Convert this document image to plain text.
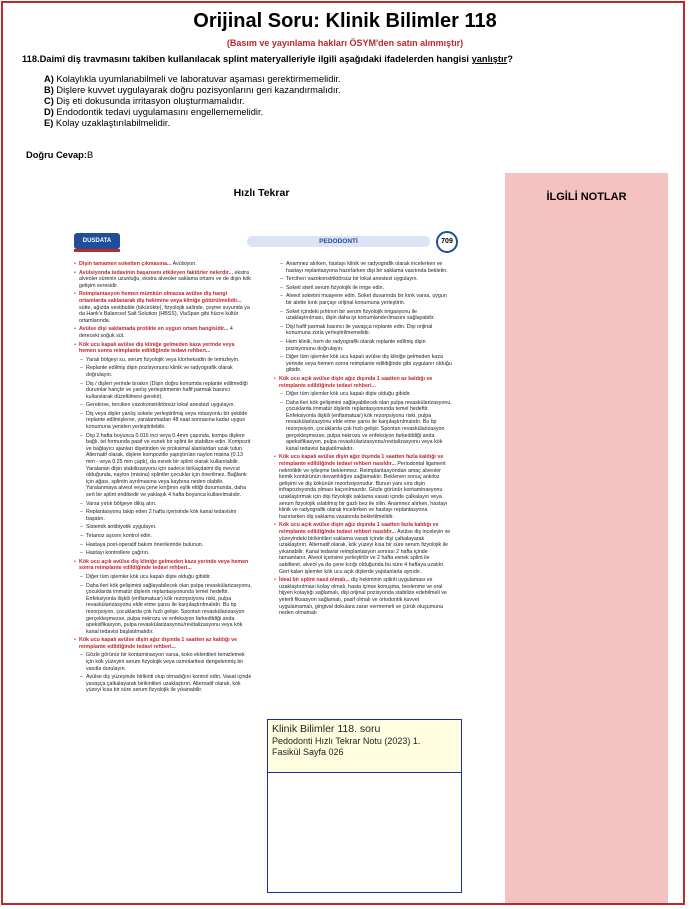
Orijinal Soru: Klinik Bilimler 118
(Basım ve yayınlama hakları ÖSYM'den satın alınmıştır)
118.Daimî diş travmasını takiben kullanılacak splint materyalleriyle ilgili aşağıdaki ifadelerden hangisi yanlıştır?
A) Kolaylıkla uyumlanabilmeli ve laboratuvar aşaması gerektirmemelidir.
B) Dişlere kuvvet uygulayarak doğru pozisyonlarını geri kazandırmalıdır.
C) Diş eti dokusunda irritasyon oluşturmamalıdır.
D) Endodontik tedavi uygulamasını engellememelidir.
E) Kolay uzaklaştırılabilmelidir.
Doğru Cevap:B
Hızlı Tekrar
DUSDATA	PEDODONTİ	709

• Dişin tamamen soketten çıkmasına... Avülsiyon.

• Avülsiyonda tedavinin başarısını etkileyen faktörler nelerdir... ekstra alveoler sürenin uzunluğu, ekstra alveoler saklama ortamı ve de dişin kök gelişim evresidir.

• Reimplantasyon hemen mümkün olmazsa avülse diş hangi ortamlarda saklanarak diş hekimine veya kliniğe götürülmelidir... sütte, ağızda vestibülde (tükürükte), fizyolojik salinde, çeşme suyunda ya da Hank's Balanced Salt Solution (HBSS), ViaSpan gibi hücre kültür ortamlarında.

• Avülse dişi saklamada protikte en uygun ortam hangisidir... 4 dereceki soğuk süt.

• Kök ucu kapalı avülse diş kliniğe gelmeden kaza yerinde veya hemen sonra reimplante edildiğinde tedavi rehberi...

– Yaralı bölgeyi su, serum fizyolojik veya klorheksidin ile temizleyin.

– Replante edilmiş dişin pozisyonunu klinik ve radyografik olarak doğrulayın.

– Diş / dişleri yerinde bırakın (Dişin doğru konumda replante edilmediği durumlar hariçtir ve yanlış yerleştirmenin hafif parmak basıncı kullanılarak düzeltilmesi gerekir).

– Gerekirse, terciken vazokonstriktörsüz lokal anestezi uygulayın.

– Diş veya dişler yanlış sokete yerleştirilmiş veya rotasyonlu bir şekilde replante edilmişlerse, yaralanmadan 48 saat sonrasına kadar uygun konumuna yeniden yerleştirilebilir.

– Dişi 2 hafta boyunca 0.016 inci veya 0.4mm çapında, kompu dişlere bağlı, tel formunda pasif ve esnek bir splint ile stabilize edin. Kompozit ve bağlayıcı ajanları dişetinden ve proksimal alanlardan uzak tutun. Alternatif olarak, dişlere kompozitle yapıştırılan naylon misina (0.13 mm - veya 0.25 mm çaplı), da esnek bir splint olarak kullanılabilir. Yaralanan dişin stabilizasyonu için sadece birkaçdaimi diş mevcut olduğunda, naylon (misina) splintler çocuklar için önerilmez. Bağlantı için ağası, splintin ayrılmasına veya kaybına neden olabilir. Yaralanmaya alveol veya çene kırığının eşlik ettiği durumunda, daha sert bir splint endikedir ve yaklaşık 4 hafta boyunca kullanılmalıdır.

– Varsa yırtık bölgeye dikiş atın.

– Replantasyonu takip eden 2 hafta içerisinde kök kanal tedavisini başatın.

– Sistemik antibiyotik uygulayın.

– Tetanoz aşısını kontrol edin.

– Hastaya post-operatif bakım önerilerinde bulunun.

– Hastayı kontrollere çağırın.

• Kök ucu açık avülse diş kliniğe gelmeden kaza yerinde veya hemen sonra reimplante edildiğinde tedavi rehberi...

– Diğer tüm işlemler kök ucu kapalı dişte olduğu gibidir.

– Daha ileri kök gelişimini sağlayabilecek olan pulpa revaskülarizasyonu, çocuklarda immatür dişlerin replantasyonunda temel hedeftir. Enfeksiyonla ilişkili (enflamatuar) kök rezorpsiyonu riski, pulpa revaskülarizasyonu elde etme şansı ile karşılaştırılmalıdır. Bu tip rezorpsiyon, çocuklarda çok hızlı gelişir. Spontan revaskülarizasyon gerçekleşmezse, pulpa nekrozu ve enfeksiyon farkedildiği anda apeksifikasyon, pulpa revaskülarizasyonu/revitalizasyonu veya kök kanal tedavisi başlatılmalıdır.

• Kök ucu kapalı avülse dişin ağız dışında 1 saatten az kaldığı ve reimplante edildiğinde tedavi rehberi...

– Gözle görünür bir kontaminasyon varsa, koko eklentileri temizlemek için kök yüzeyini serum fizyolojik veya ozmolaritesi dengelenmiş bir vasıtla durulayın.

– Avülse diş yüzeyinde birikinti olup olmadığını kontrol edin. Vasat içinde yavaşça çalkalayarak birikintileri uzaklaştırın. Alternatif olarak, kök yüzeyi kısa bir süre serum fizyolojik ile yıkanabilir.

– Anamnez alırken, hastayı klinik ve radyografik olarak incelerken ve hastayı replantasyona hazırlarken dişi bir saklama vasıtında bekletin.

– Tercihen vazokonstriktörsüz bir lokal anestezi uygulayın.

– Soketi steril serum fizyolojik ile irrige edin.

– Alveol soketini muayene edin. Soket duvarında bir kırık varsa, uygun bir alette kırık parçayı orijinal konumuna yerleştirin.

– Soket içindeki pıhtının bir serum fizyolojik irrigasyonu ile uzaklaştırılması, dişin daha iyi konumlandırılmasını sağlayabilir.

– Dişi hafif parmak basıncı ile yavaşça replante edin. Dişi orijinal konumuna zorla yerleştirilmemelidir.

– Hem klinik, hem de radyografik olarak replante edilmiş dişin pozisyonunu doğrulayın.

– Diğer tüm işlemler kök ucu kapalı avülse diş kliniğe gelmeden kaza yerinde veya hemen sonra reimplante edildiğinde gibi uygulanır olduğu gibidir.

• Kök ucu açık avülse dişin ağız dışında 1 saatten az kaldığı ve reimplante edildiğinde tedavi rehberi...

– Diğer tüm işlemler kök ucu kapalı dişte olduğu gibidir.

– Daha ileri kök gelişimini sağlayabilecek olan pulpa revaskülarizasyonu, çocuklarda immatür dişlerin replantasyonunda temel hedeftir. Enfeksiyonla ilişkili (enflamatuar) kök rezorpsiyonu riski, pulpa revaskülarizasyonu elde etme şansı ile karşılaştırılmalıdır. Bu tip rezorpsiyon, çocuklarda çok hızlı gelişir. Spontan revaskülarizasyon gerçekleşmezse, pulpa nekrozu ve enfeksiyon farkedildiği anda apeksifikasyon, pulpa revaskülarizasyonu/revitalizasyonu veya kök kanal tedavisi başlatılmalıdır.

• Kök ucu kapalı avülse dişin ağız dışında 1 saatten fazla kaldığı ve reimplante edildiğinde tedavi rehberi nasıldır... Periodontal ligament nekrotiktir ve iyileşme beklenmez. Reimplantasyondan amaç alveoler kemik kontürünün devamlılığını sağlamaktır. Beklenen sonuç ankiloz gelişimi ve diş kökünün rezorbsiyonudur. Bunun yanı sıra dişin infrapozisyonda olması kaçınılmazdır. Gözle görünür kontaminasyonu uzaklaştırmak için dişi fizyolojik saklama vasatı içinde çalkalayın veya serum fizyolojik ıslatılmış bir gazlı bez ile silin. Anamnez alırken, hastayı klinik ve radyografik olarak incelerken ve hastayı replantasyona hazırlarken diş saklama vasatında bekletilmelidir.

• Kök ucu açık avülse dişin ağız dışında 1 saatten fazla kaldığı ve reimplante edildiğinde tedavi rehberi nasıldır... Avülse diş inceleyin ve yüzeyindeki birikintileri saklama vasatı içinde dişi çalkalayarak uzaklaştırın. Alternatif olarak, kök yüzeyi kısa bir süre serum fizyolojik ile yıkanabilir. Kanal tedavisi reimplantasyon sonrası 2 hafta içinde tamamlanır. Alveol içerisine yerleştirilir ve 2 hafta esnek splint ile sabitlenir, alveol ya da çene kırığı olduğunda bu süre 4 haftaya uzatılır. Geri kalan işlemler kök ucu açık dişlerde yapılanlarla aynıdır.

• İdeal bir splint nasıl olmalı... diş hekiminin splinti uygulaması ve uzaklaştırılması kolay olmalı, hasta içinse konuşma, beslenme ve oral hijyen kolaylığı sağlamalı, dişi orijinal pozisyonda stabilize edebilmeli ve yeterli fiksasyon sağlamalı, pasif olmalı ve ortodontik kuvvet uygulamamalı, gingival dokulara zarar vermemeli ve çürük oluşumuna neden olmamalı

İLGİLİ NOTLAR
Klinik Bilimler 118. soru
Pedodonti Hızlı Tekrar Notu (2023) 1.
Fasikül Sayfa 026
